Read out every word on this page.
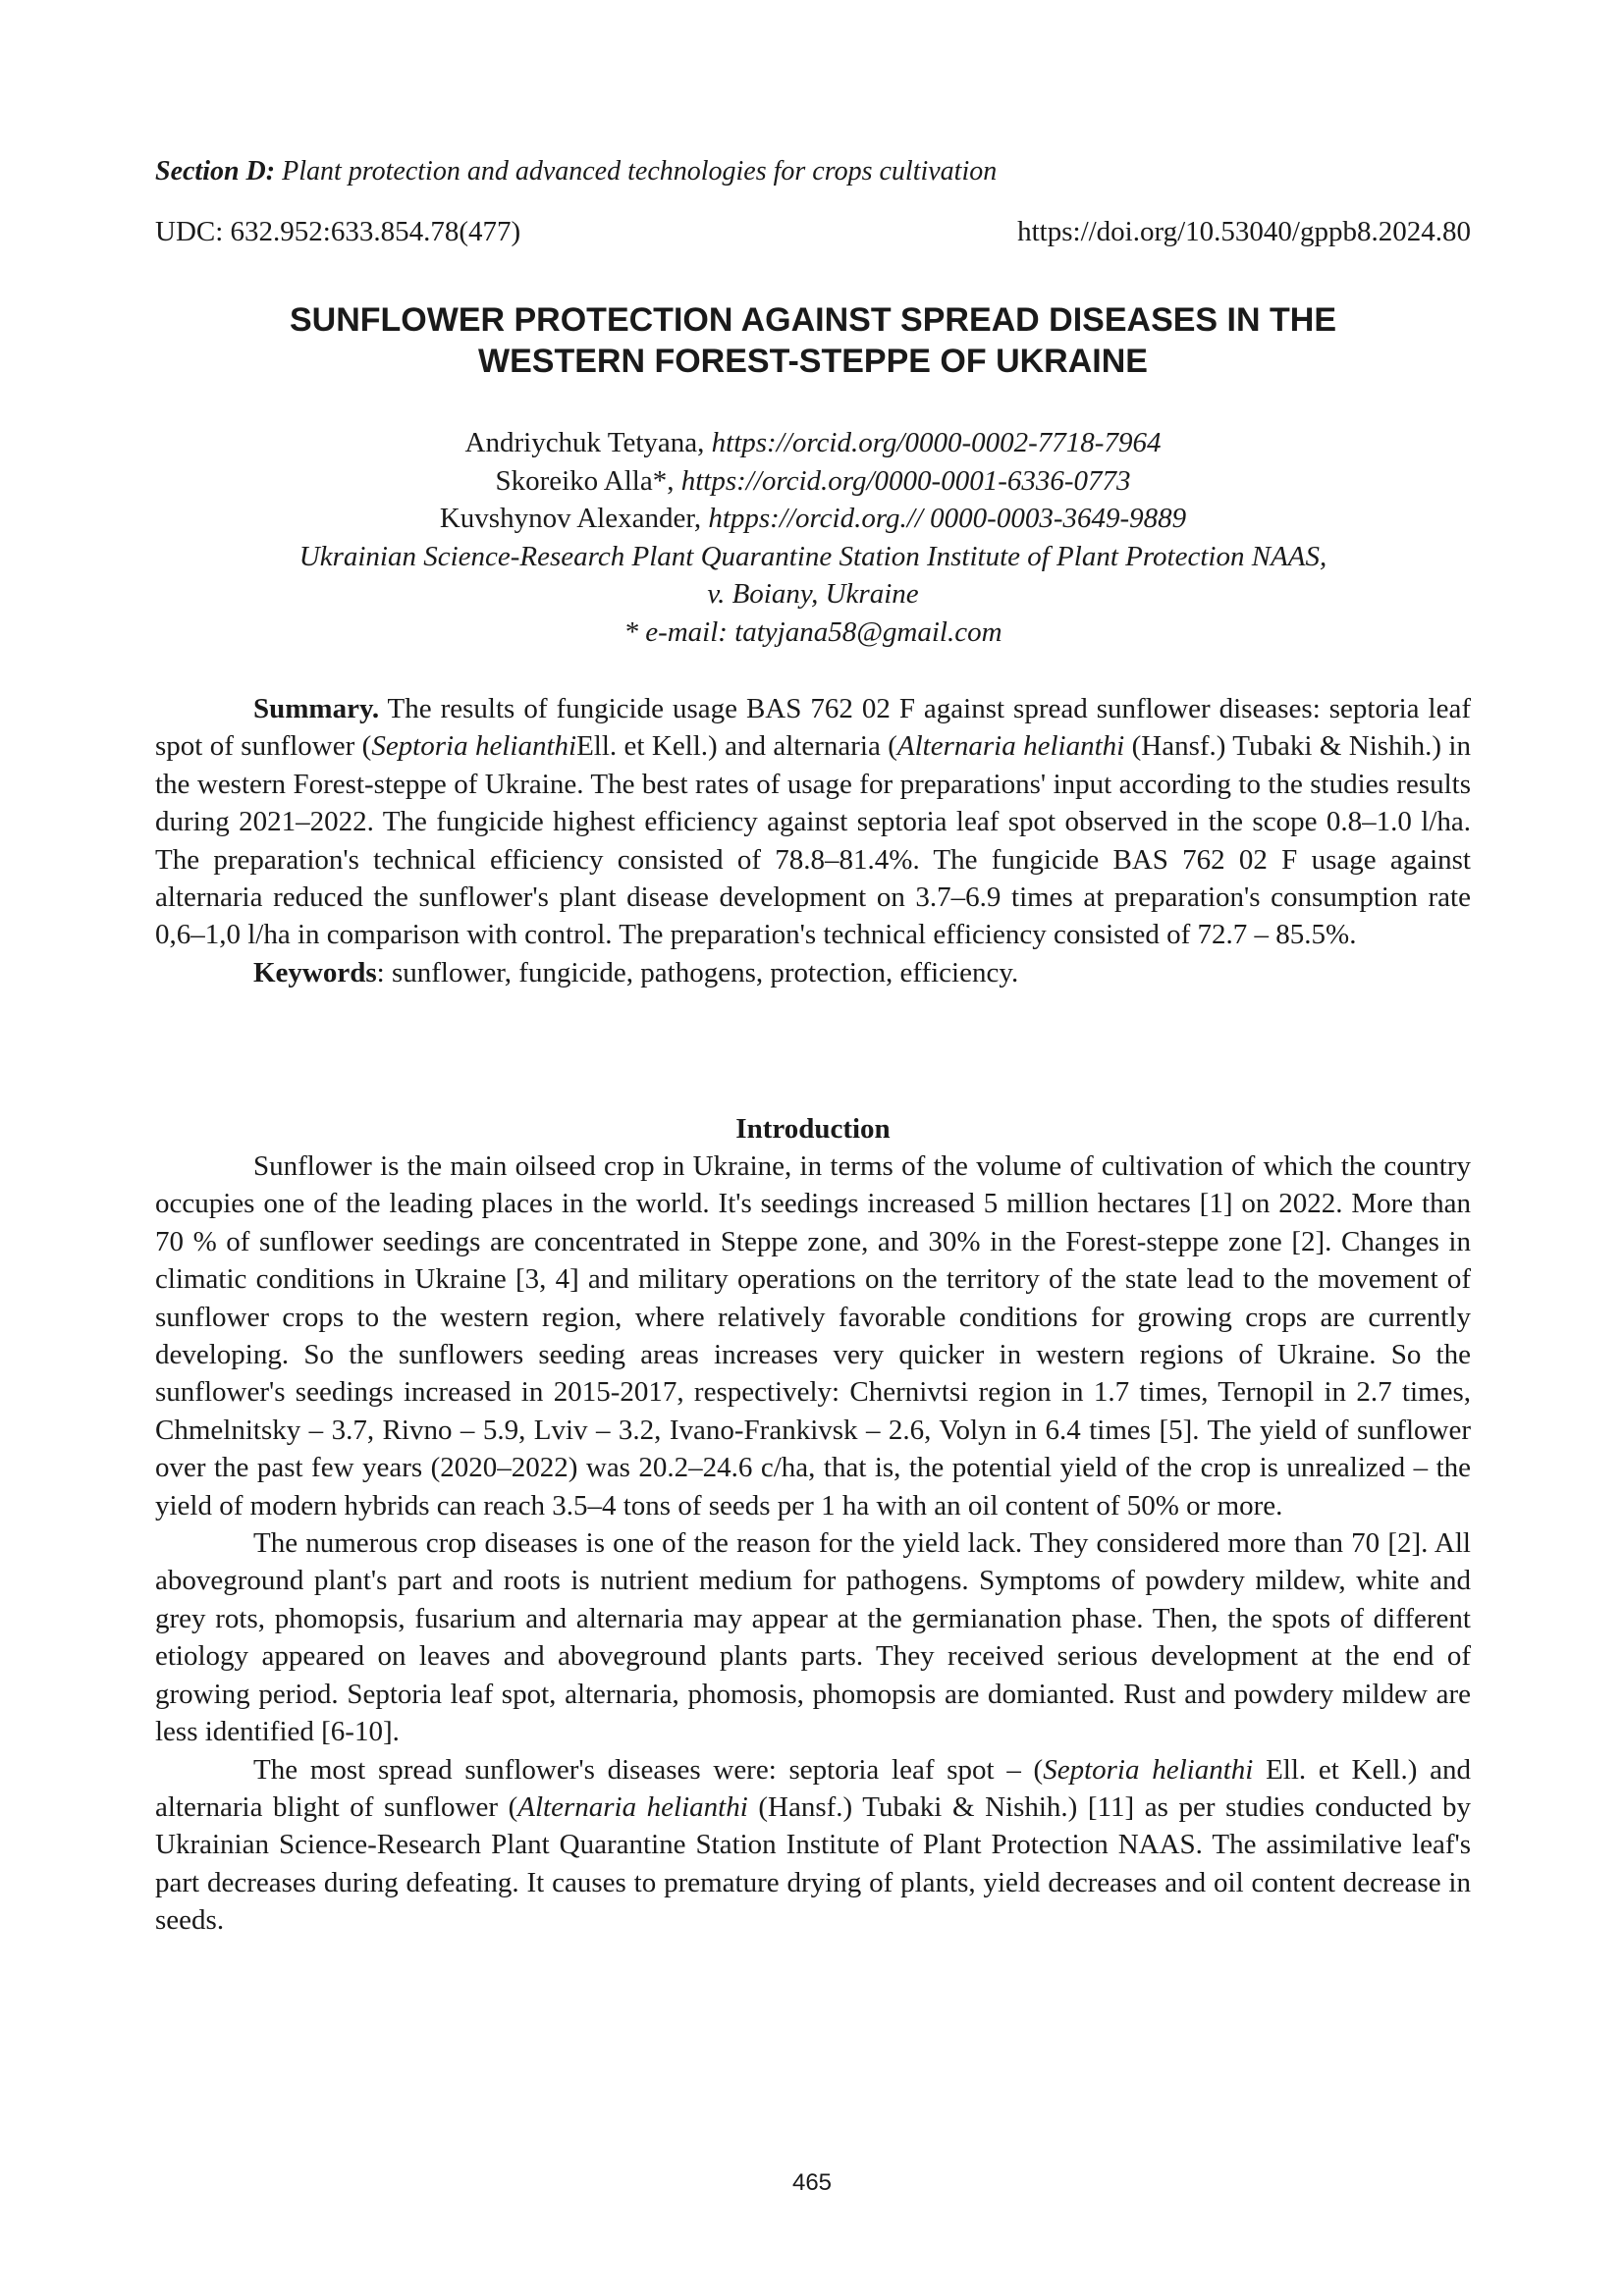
Section D: Plant protection and advanced technologies for crops cultivation
UDC: 632.952:633.854.78(477)	https://doi.org/10.53040/gppb8.2024.80
SUNFLOWER PROTECTION AGAINST SPREAD DISEASES IN THE
WESTERN FOREST-STEPPE OF UKRAINE
Andriychuk Tetyana, https://orcid.org/0000-0002-7718-7964
Skoreiko Alla*, https://orcid.org/0000-0001-6336-0773
Kuvshynov Alexander, htpps://orcid.org.// 0000-0003-3649-9889
Ukrainian Science-Research Plant Quarantine Station Institute of Plant Protection NAAS,
v. Boiany, Ukraine
* e-mail: tatyjana58@gmail.com

Summary. The results of fungicide usage BAS 762 02 F against spread sunflower diseases: septoria leaf spot of sunflower (Septoria helianthiEll. et Kell.) and alternaria (Alternaria helianthi (Hansf.) Tubaki & Nishih.) in the western Forest-steppe of Ukraine. The best rates of usage for preparations' input according to the studies results during 2021–2022. The fungicide highest efficiency against septoria leaf spot observed in the scope 0.8–1.0 l/ha. The preparation's technical efficiency consisted of 78.8–81.4%. The fungicide BAS 762 02 F usage against alternaria reduced the sunflower's plant disease development on 3.7–6.9 times at preparation's consumption rate 0,6–1,0 l/ha in comparison with control. The preparation's technical efficiency consisted of 72.7 – 85.5%.

Keywords: sunflower, fungicide, pathogens, protection, efficiency.

Introduction

Sunflower is the main oilseed crop in Ukraine, in terms of the volume of cultivation of which the country occupies one of the leading places in the world. It's seedings increased 5 million hectares [1] on 2022. More than 70 % of sunflower seedings are concentrated in Steppe zone, and 30% in the Forest-steppe zone [2]. Changes in climatic conditions in Ukraine [3, 4] and military operations on the territory of the state lead to the movement of sunflower crops to the western region, where relatively favorable conditions for growing crops are currently developing. So the sunflowers seeding areas increases very quicker in western regions of Ukraine. So the sunflower's seedings increased in 2015-2017, respectively: Chernivtsi region in 1.7 times, Ternopil in 2.7 times, Chmelnitsky – 3.7, Rivno – 5.9, Lviv – 3.2, Ivano-Frankivsk – 2.6, Volyn in 6.4 times [5]. The yield of sunflower over the past few years (2020–2022) was 20.2–24.6 c/ha, that is, the potential yield of the crop is unrealized – the yield of modern hybrids can reach 3.5–4 tons of seeds per 1 ha with an oil content of 50% or more.

The numerous crop diseases is one of the reason for the yield lack. They considered more than 70 [2]. All aboveground plant's part and roots is nutrient medium for pathogens. Symptoms of powdery mildew, white and grey rots, phomopsis, fusarium and alternaria may appear at the germianation phase. Then, the spots of different etiology appeared on leaves and aboveground plants parts. They received serious development at the end of growing period. Septoria leaf spot, alternaria, phomosis, phomopsis are domianted. Rust and powdery mildew are less identified [6-10].

The most spread sunflower's diseases were: septoria leaf spot – (Septoria helianthi Ell. et Kell.) and alternaria blight of sunflower (Alternaria helianthi (Hansf.) Tubaki & Nishih.) [11] as per studies conducted by Ukrainian Science-Research Plant Quarantine Station Institute of Plant Protection NAAS. The assimilative leaf's part decreases during defeating. It causes to premature drying of plants, yield decreases and oil content decrease in seeds.

465
